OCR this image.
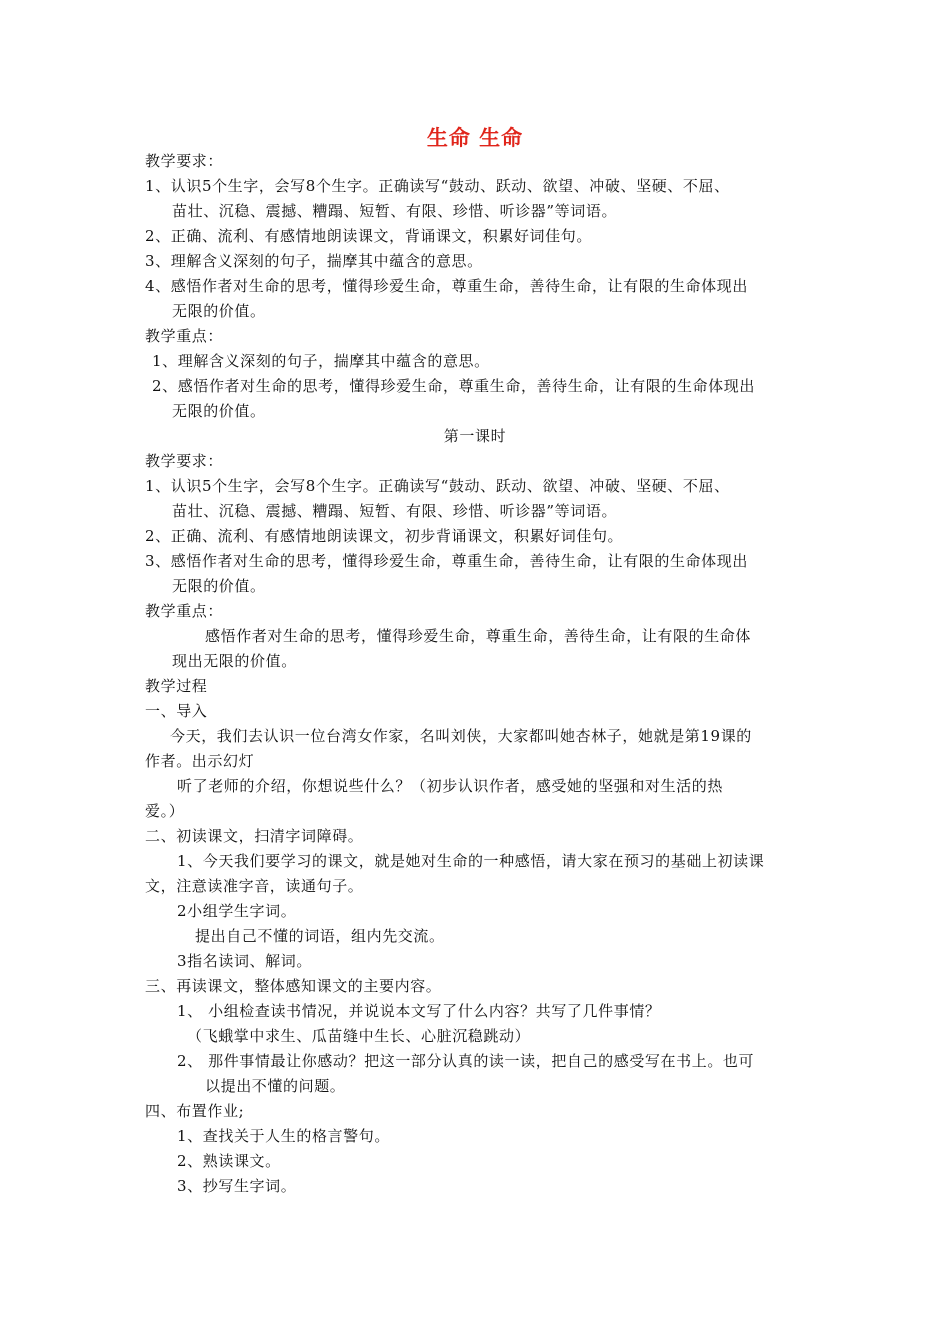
生命 生命
教学要求：
1、认识5个生字，会写8个生字。正确读写“鼓动、跃动、欲望、冲破、坚硬、不屈、
苗壮、沉稳、震撼、糟蹋、短暂、有限、珍惜、听诊器”等词语。
2、正确、流利、有感情地朗读课文，背诵课文，积累好词佳句。
3、理解含义深刻的句子，揣摩其中蕴含的意思。
4、感悟作者对生命的思考，懂得珍爱生命，尊重生命，善待生命，让有限的生命体现出
无限的价值。
教学重点：
1、理解含义深刻的句子，揣摩其中蕴含的意思。
2、感悟作者对生命的思考，懂得珍爱生命，尊重生命，善待生命，让有限的生命体现出
无限的价值。
第一课时
教学要求：
1、认识5个生字，会写8个生字。正确读写“鼓动、跃动、欲望、冲破、坚硬、不屈、
苗壮、沉稳、震撼、糟蹋、短暂、有限、珍惜、听诊器”等词语。
2、正确、流利、有感情地朗读课文，初步背诵课文，积累好词佳句。
3、感悟作者对生命的思考，懂得珍爱生命，尊重生命，善待生命，让有限的生命体现出
无限的价值。
教学重点：
感悟作者对生命的思考，懂得珍爱生命，尊重生命，善待生命，让有限的生命体
现出无限的价值。
教学过程
一、导入
今天，我们去认识一位台湾女作家，名叫刘侠，大家都叫她杏林子，她就是第19课的
作者。出示幻灯
听了老师的介绍，你想说些什么？（初步认识作者，感受她的坚强和对生活的热
爱。）
二、初读课文，扫清字词障碍。
1、今天我们要学习的课文，就是她对生命的一种感悟，请大家在预习的基础上初读课
文，注意读准字音，读通句子。
2小组学生字词。
提出自己不懂的词语，组内先交流。
3指名读词、解词。
三、再读课文，整体感知课文的主要内容。
1、 小组检查读书情况，并说说本文写了什么内容？共写了几件事情？
（飞蛾掌中求生、瓜苗缝中生长、心脏沉稳跳动）
2、 那件事情最让你感动？把这一部分认真的读一读，把自己的感受写在书上。也可
以提出不懂的问题。
四、布置作业;
1、查找关于人生的格言警句。
2、熟读课文。
3、抄写生字词。
